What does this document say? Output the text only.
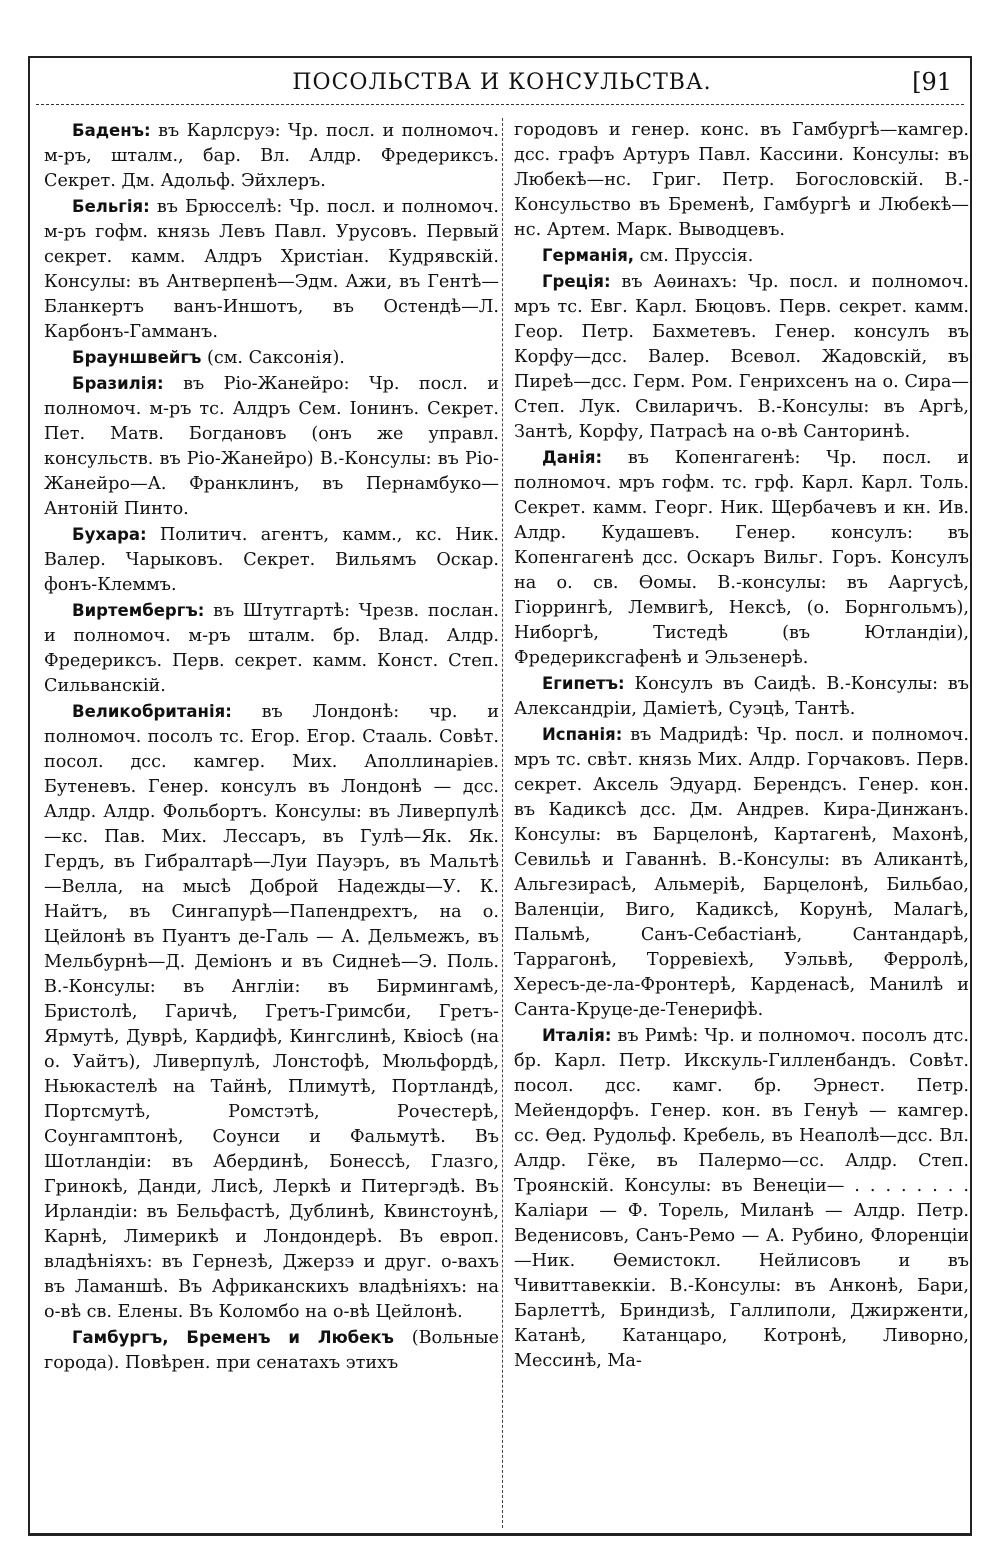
ПОСОЛЬСТВА И КОНСУЛЬСТВА.	[91

Баденъ: въ Карлсруэ: Чр. посл. и полномоч. м-ръ, шталм., бар. Вл. Алдр. Фредериксъ. Секрет. Дм. Адольф. Эйхлеръ.

Бельгія: въ Брюсселѣ: Чр. посл. и полномоч. м-ръ гофм. князь Левъ Павл. Урусовъ. Первый секрет. камм. Алдръ Христіан. Кудрявскій. Консулы: въ Антверпенѣ—Эдм. Ажи, въ Гентѣ—Бланкертъ ванъ-Иншотъ, въ Остендѣ—Л. Карбонъ-Гамманъ.

Брауншвейгъ (см. Саксонія).

Бразилія: въ Ріо-Жанейро: Чр. посл. и полномоч. м-ръ тс. Алдръ Сем. Іонинъ. Секрет. Пет. Матв. Богдановъ (онъ же управл. консульств. въ Ріо-Жанейро) В.-Консулы: въ Ріо-Жанейро—А. Франклинъ, въ Пернамбуко—Антоній Пинто.

Бухара: Политич. агентъ, камм., кс. Ник. Валер. Чарыковъ. Секрет. Вильямъ Оскар. фонъ-Клеммъ.

Виртембергъ: въ Штутгартѣ: Чрезв. послан. и полномоч. м-ръ шталм. бр. Влад. Алдр. Фредериксъ. Перв. секрет. камм. Конст. Степ. Сильванскій.

Великобританія: въ Лондонѣ: чр. и полномоч. посолъ тс. Егор. Егор. Стааль. Совѣт. посол. дсс. камгер. Мих. Аполлинаріев. Бутеневъ. Генер. консулъ въ Лондонѣ — дсс. Алдр. Алдр. Фольбортъ. Консулы: въ Ливерпулѣ—кс. Пав. Мих. Лессаръ, въ Гулѣ—Як. Як. Гердъ, въ Гибралтарѣ—Луи Пауэръ, въ Мальтѣ—Велла, на мысѣ Доброй Надежды—У. К. Найтъ, въ Сингапурѣ—Папендрехтъ, на о. Цейлонѣ въ Пуантъ де-Галь — А. Дельмежъ, въ Мельбурнѣ—Д. Деміонъ и въ Сиднеѣ—Э. Поль. В.-Консулы: въ Англіи: въ Бирмингамѣ, Бристолѣ, Гаричѣ, Гретъ-Гримсби, Гретъ-Ярмутѣ, Дуврѣ, Кардифѣ, Кингслинѣ, Квіосѣ (на о. Уайтъ), Ливерпулѣ, Лонстофѣ, Мюльфордѣ, Ньюкастелѣ на Тайнѣ, Плимутѣ, Портландѣ, Портсмутѣ, Ромстэтѣ, Рочестерѣ, Соунгамптонѣ, Соунси и Фальмутѣ. Въ Шотландіи: въ Абердинѣ, Бонессѣ, Глазго, Гринокѣ, Данди, Лисѣ, Леркѣ и Питергэдѣ. Въ Ирландіи: въ Бельфастѣ, Дублинѣ, Квинстоунѣ, Карнѣ, Лимерикѣ и Лондондерѣ. Въ европ. владѣніяхъ: въ Гернезѣ, Джерзэ и друг. о-вахъ въ Ламаншѣ. Въ Африканскихъ владѣніяхъ: на о-вѣ св. Елены. Въ Коломбо на о-вѣ Цейлонѣ.

Гамбургъ, Бременъ и Любекъ (Вольные города). Повѣрен. при сенатахъ этихъ

городовъ и генер. конс. въ Гамбургѣ—камгер. дсс. графъ Артуръ Павл. Кассини. Консулы: въ Любекѣ—нс. Григ. Петр. Богословскій. В.-Консульство въ Бременѣ, Гамбургѣ и Любекѣ—нс. Артем. Марк. Выводцевъ.

Германія, см. Пруссія.

Греція: въ Аѳинахъ: Чр. посл. и полномоч. мръ тс. Евг. Карл. Бюцовъ. Перв. секрет. камм. Геор. Петр. Бахметевъ. Генер. консулъ въ Корфу—дсс. Валер. Всевол. Жадовскій, въ Пиреѣ—дсс. Герм. Ром. Генрихсенъ на о. Сира—Степ. Лук. Свиларичъ. В.-Консулы: въ Аргѣ, Зантѣ, Корфу, Патрасѣ на о-вѣ Санторинѣ.

Данія: въ Копенгагенѣ: Чр. посл. и полномоч. мръ гофм. тс. грф. Карл. Карл. Толь. Секрет. камм. Георг. Ник. Щербачевъ и кн. Ив. Алдр. Кудашевъ. Генер. консулъ: въ Копенгагенѣ дсс. Оскаръ Вильг. Горъ. Консулъ на о. св. Ѳомы. В.-консулы: въ Ааргусѣ, Гіоррингѣ, Лемвигѣ, Нексѣ, (о. Борнгольмъ), Ниборгѣ, Тистедѣ (въ Ютландіи), Фредериксгафенѣ и Эльзенерѣ.

Египетъ: Консулъ въ Саидѣ. В.-Консулы: въ Александріи, Даміетѣ, Суэцѣ, Тантѣ.

Испанія: въ Мадридѣ: Чр. посл. и полномоч. мръ тс. свѣт. князь Мих. Алдр. Горчаковъ. Перв. секрет. Аксель Эдуард. Берендсъ. Генер. кон. въ Кадиксѣ дсс. Дм. Андрев. Кира-Динжанъ. Консулы: въ Барцелонѣ, Картагенѣ, Махонѣ, Севильѣ и Гаваннѣ. В.-Консулы: въ Аликантѣ, Альгезирасѣ, Альмеріѣ, Барцелонѣ, Бильбао, Валенціи, Виго, Кадиксѣ, Корунѣ, Малагѣ, Пальмѣ, Санъ-Себастіанѣ, Сантандарѣ, Таррагонѣ, Торревіехѣ, Уэльвѣ, Ферролѣ, Хересъ-де-ла-Фронтерѣ, Карденасѣ, Манилѣ и Санта-Круце-де-Тенерифѣ.

Италія: въ Римѣ: Чр. и полномоч. посолъ дтс. бр. Карл. Петр. Икскуль-Гилленбандъ. Совѣт. посол. дсс. камг. бр. Эрнест. Петр. Мейендорфъ. Генер. кон. въ Генуѣ — камгер. сс. Ѳед. Рудольф. Кребель, въ Неаполѣ—дсс. Вл. Алдр. Гёке, въ Палермо—сс. Алдр. Степ. Троянскій. Консулы: въ Венеціи— . . . . . . . . Каліари — Ф. Торель, Миланѣ — Алдр. Петр. Веденисовъ, Санъ-Ремо — А. Рубино, Флоренціи—Ник. Ѳемистокл. Нейлисовъ и въ Чивиттавеккіи. В.-Консулы: въ Анконѣ, Бари, Барлеттѣ, Бриндизѣ, Галлиполи, Джирженти, Катанѣ, Катанцаро, Котронѣ, Ливорно, Мессинѣ, Ма-
